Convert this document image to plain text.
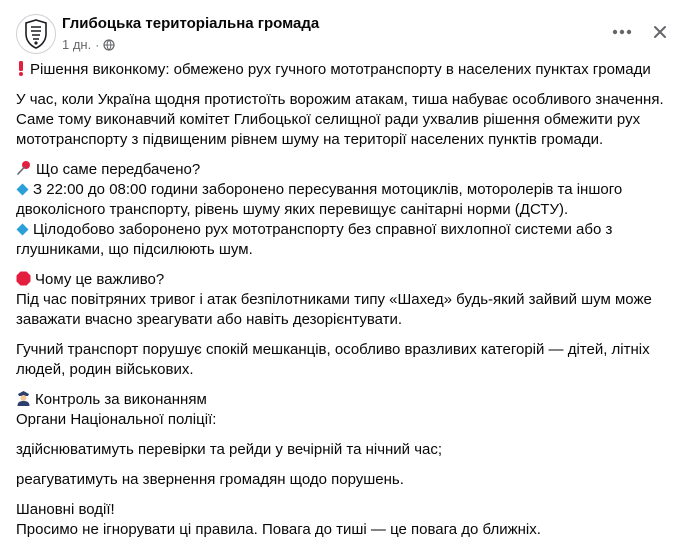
Глибоцька територіальна громада
1 дн. ·

Рішення виконкому: обмежено рух гучного мототранспорту в населених пунктах громади

У час, коли Україна щодня протистоїть ворожим атакам, тиша набуває особливого значення.
Саме тому виконавчий комітет Глибоцької селищної ради ухвалив рішення обмежити рух
мототранспорту з підвищеним рівнем шуму на території населених пунктів громади.

Що саме передбачено?
З 22:00 до 08:00 години заборонено пересування мотоциклів, моторолерів та іншого
двоколісного транспорту, рівень шуму яких перевищує санітарні норми (ДСТУ).
Цілодобово заборонено рух мототранспорту без справної вихлопної системи або з
глушниками, що підсилюють шум.

Чому це важливо?
Під час повітряних тривог і атак безпілотниками типу «Шахед» будь-який зайвий шум може
заважати вчасно зреагувати або навіть дезорієнтувати.

Гучний транспорт порушує спокій мешканців, особливо вразливих категорій — дітей, літніх
людей, родин військових.

Контроль за виконанням
Органи Національної поліції:

здійснюватимуть перевірки та рейди у вечірній та нічний час;

реагуватимуть на звернення громадян щодо порушень.

Шановні водії!
Просимо не ігнорувати ці правила. Повага до тиші — це повага до ближніх.
